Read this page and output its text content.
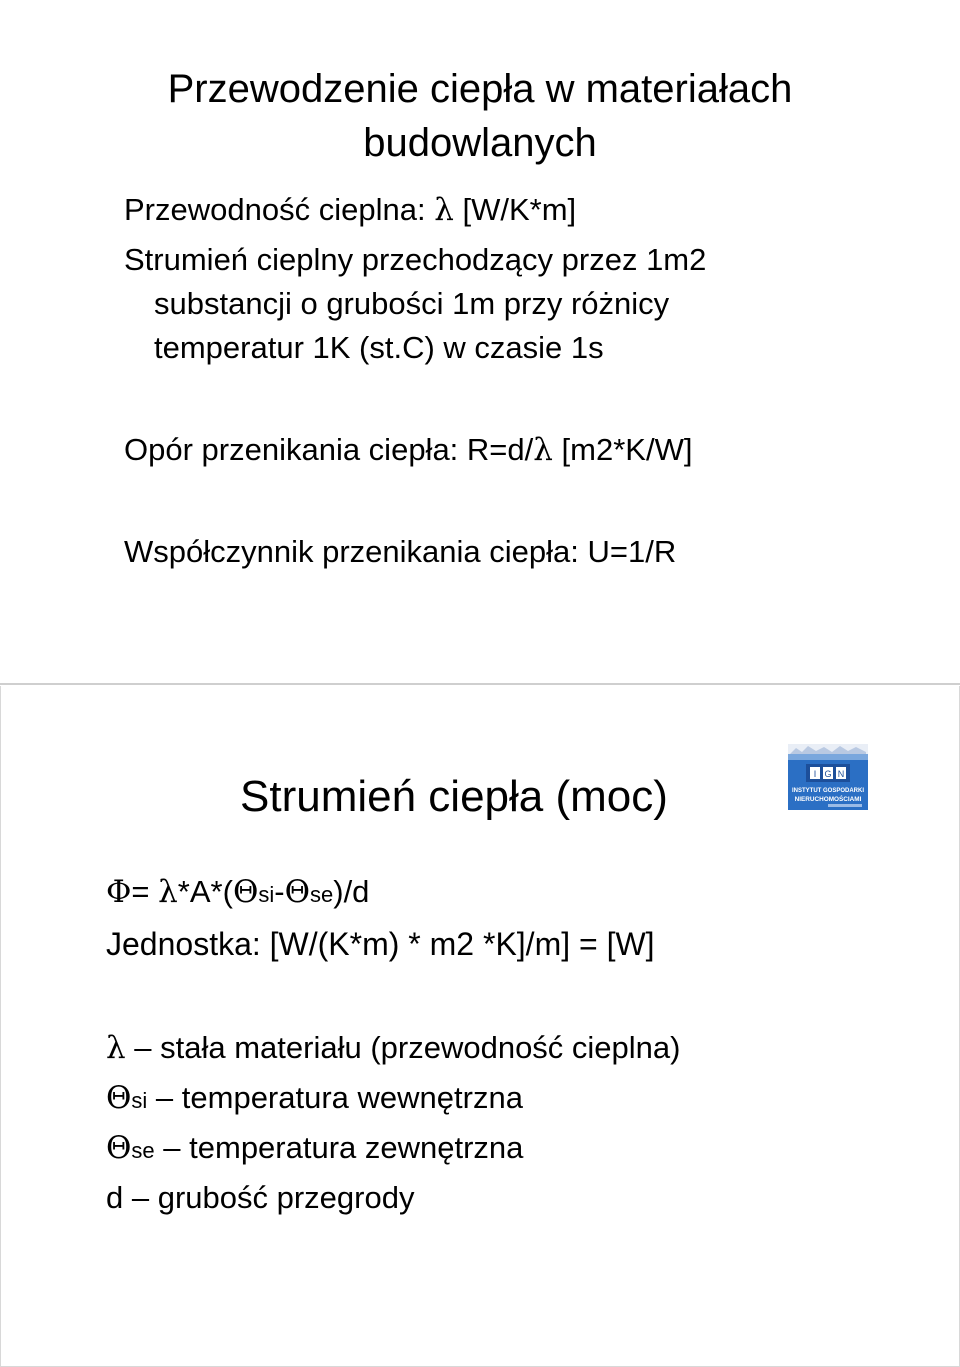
Przewodzenie ciepła w materiałach
budowlanych
Przewodność cieplna: λ [W/K*m]
Strumień cieplny przechodzący przez 1m2
substancji o grubości 1m przy różnicy
temperatur 1K (st.C) w czasie 1s
Opór przenikania ciepła: R=d/λ [m2*K/W]
Współczynnik przenikania ciepła: U=1/R
Strumień ciepła (moc)	I G N
INSTYTUT GOSPODARKI
NIERUCHOMOŚCIAMI
Φ= λ*A*(Θsi-Θse)/d
Jednostka: [W/(K*m) * m2 *K]/m] = [W]
λ – stała materiału (przewodność cieplna)
Θsi – temperatura wewnętrzna
Θse – temperatura zewnętrzna
d – grubość przegrody
